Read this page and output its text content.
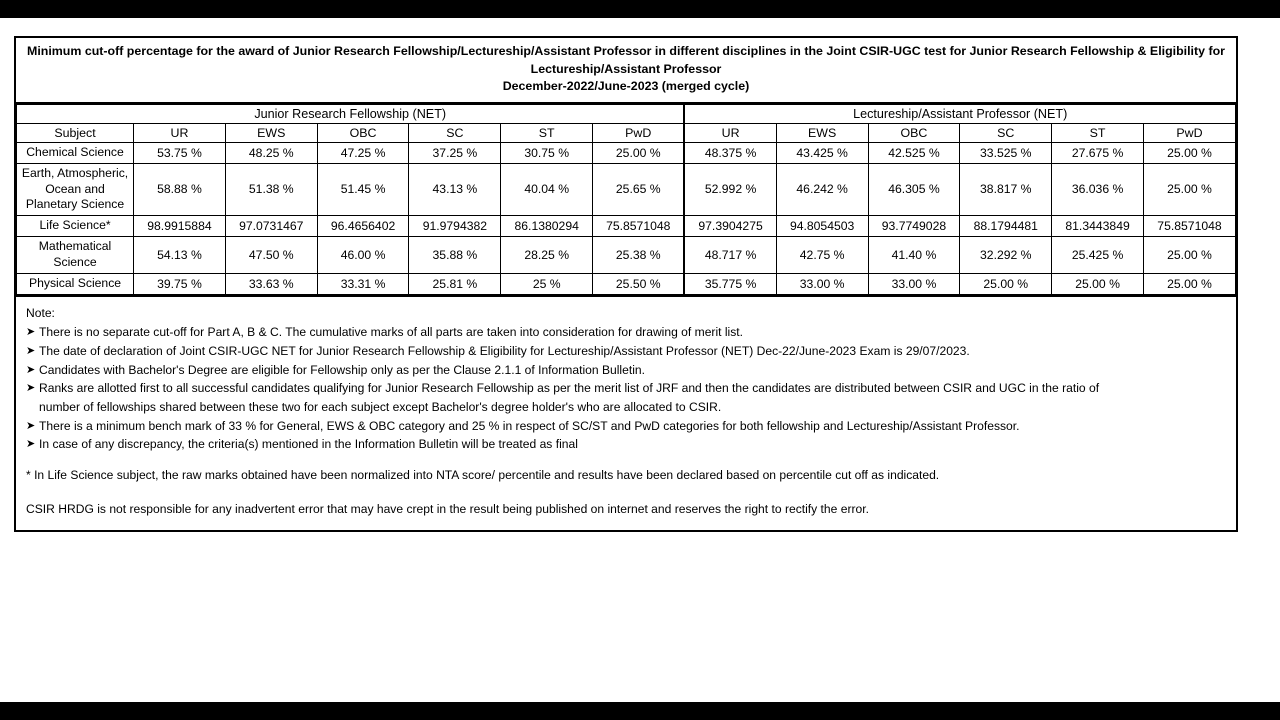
Minimum cut-off percentage for the award of Junior Research Fellowship/Lectureship/Assistant Professor in different disciplines in the Joint CSIR-UGC test for Junior Research Fellowship & Eligibility for
Lectureship/Assistant Professor
December-2022/June-2023 (merged cycle)
Junior Research Fellowship (NET)							Lectureship/Assistant Professor (NET)					
Subject	UR	EWS	OBC	SC	ST	PwD	UR	EWS	OBC	SC	ST	PwD
Chemical Science	53.75 %	48.25 %	47.25 %	37.25 %	30.75 %	25.00 %	48.375 %	43.425 %	42.525 %	33.525 %	27.675 %	25.00 %
Earth, Atmospheric, Ocean and Planetary Science	58.88 %	51.38 %	51.45 %	43.13 %	40.04 %	25.65 %	52.992 %	46.242 %	46.305 %	38.817 %	36.036 %	25.00 %
Life Science*	98.9915884	97.0731467	96.4656402	91.9794382	86.1380294	75.8571048	97.3904275	94.8054503	93.7749028	88.1794481	81.3443849	75.8571048
Mathematical Science	54.13 %	47.50 %	46.00 %	35.88 %	28.25 %	25.38 %	48.717 %	42.75 %	41.40 %	32.292 %	25.425 %	25.00 %
Physical Science	39.75 %	33.63 %	33.31 %	25.81 %	25 %	25.50 %	35.775 %	33.00 %	33.00 %	25.00 %	25.00 %	25.00 %
Note:
➤ There is no separate cut-off for Part A, B & C. The cumulative marks of all parts are taken into consideration for drawing of merit list.
➤ The date of declaration of Joint CSIR-UGC NET for Junior Research Fellowship & Eligibility for Lectureship/Assistant Professor (NET) Dec-22/June-2023 Exam is 29/07/2023.
➤ Candidates with Bachelor's Degree are eligible for Fellowship only as per the Clause 2.1.1 of Information Bulletin.
➤ Ranks are allotted first to all successful candidates qualifying for Junior Research Fellowship as per the merit list of JRF and then the candidates are distributed between CSIR and UGC in the ratio of
number of fellowships shared between these two for each subject except Bachelor's degree holder's who are allocated to CSIR.
➤ There is a minimum bench mark of 33 % for General, EWS & OBC category and 25 % in respect of SC/ST and PwD categories for both fellowship and Lectureship/Assistant Professor.
➤ In case of any discrepancy, the criteria(s) mentioned in the Information Bulletin will be treated as final
* In Life Science subject, the raw marks obtained have been normalized into NTA score/ percentile and results have been declared based on percentile cut off as indicated.
CSIR HRDG is not responsible for any inadvertent error that may have crept in the result being published on internet and reserves the right to rectify the error.
